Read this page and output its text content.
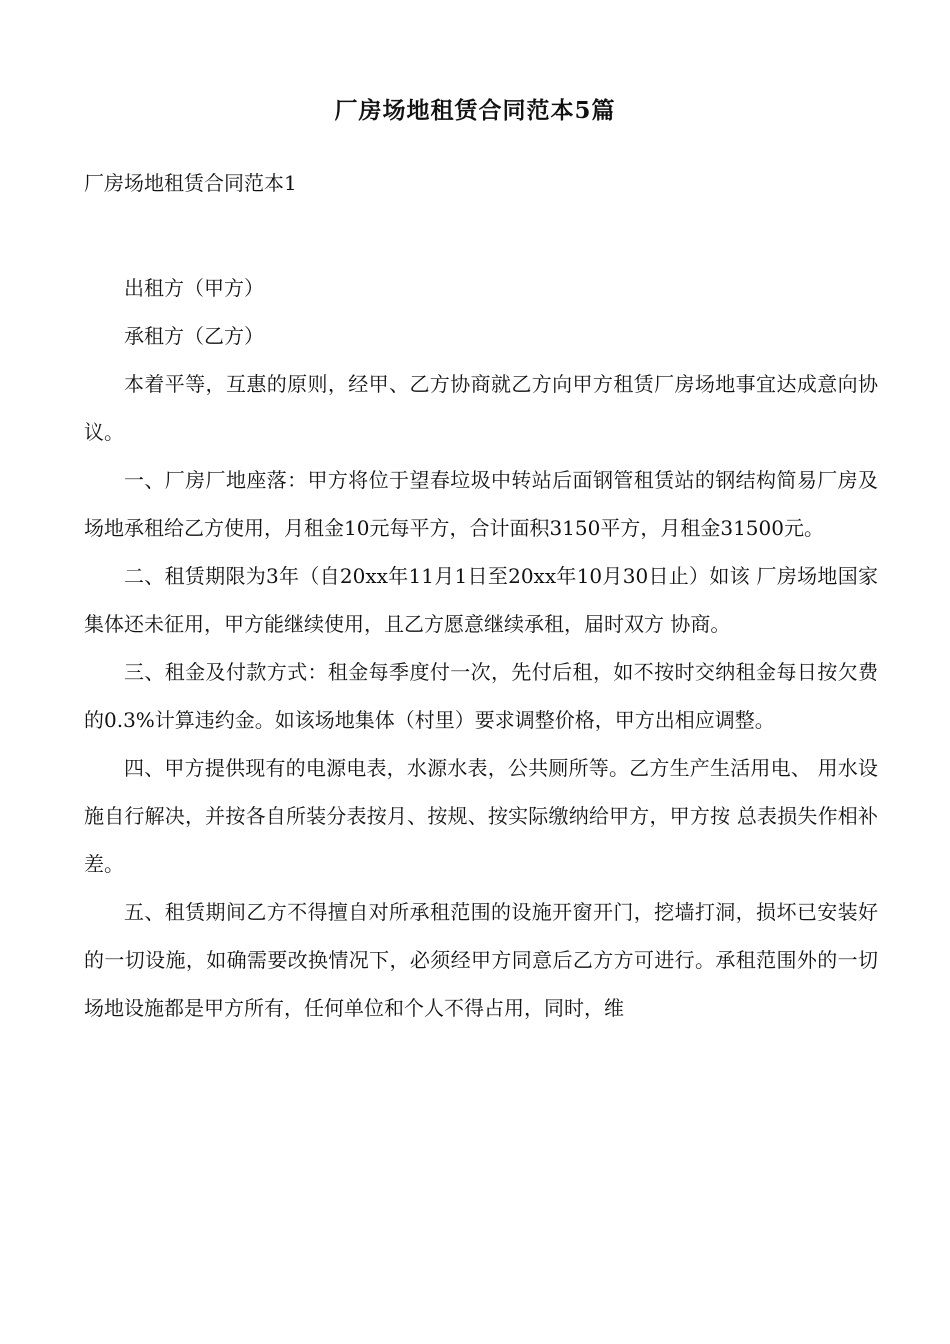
厂房场地租赁合同范本5篇
厂房场地租赁合同范本1

出租方（甲方）

承租方（乙方）

本着平等，互惠的原则，经甲、乙方协商就乙方向甲方租赁厂房场地事宜达成意向协议。

一、厂房厂地座落：甲方将位于望春垃圾中转站后面钢管租赁站的钢结构简易厂房及场地承租给乙方使用，月租金10元每平方，合计面积3150平方，月租金31500元。

二、租赁期限为3年（自20xx年11月1日至20xx年10月30日止）如该 厂房场地国家集体还未征用，甲方能继续使用，且乙方愿意继续承租，届时双方 协商。

三、租金及付款方式：租金每季度付一次，先付后租，如不按时交纳租金每日按欠费的0.3%计算违约金。如该场地集体（村里）要求调整价格，甲方出相应调整。

四、甲方提供现有的电源电表，水源水表，公共厕所等。乙方生产生活用电、 用水设施自行解决，并按各自所装分表按月、按规、按实际缴纳给甲方，甲方按 总表损失作相补差。

五、租赁期间乙方不得擅自对所承租范围的设施开窗开门，挖墙打洞，损坏已安装好的一切设施，如确需要改换情况下，必须经甲方同意后乙方方可进行。承租范围外的一切场地设施都是甲方所有，任何单位和个人不得占用，同时，维
